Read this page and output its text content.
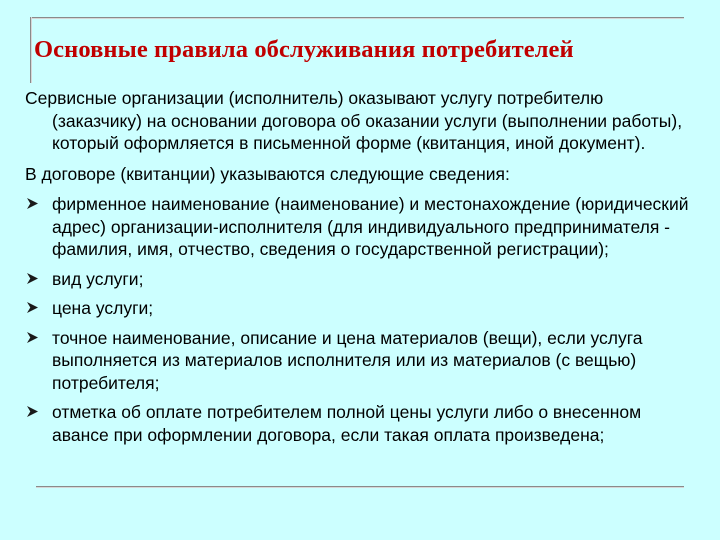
Основные правила обслуживания потребителей

Сервисные организации (исполнитель) оказывают услугу потребителю (заказчику) на основании договора об оказании услуги (выполнении работы), который оформляется в письменной форме (квитанция, иной документ).

В договоре (квитанции) указываются следующие сведения:

фирменное наименование (наименование) и местонахождение (юридический адрес) организации-исполнителя (для индивидуального предпринимателя - фамилия, имя, отчество, сведения о государственной регистрации);
вид услуги;
цена услуги;
точное наименование, описание и цена материалов (вещи), если услуга выполняется из материалов исполнителя или из материалов (с вещью) потребителя;
отметка об оплате потребителем полной цены услуги либо о внесенном авансе при оформлении договора, если такая оплата произведена;
